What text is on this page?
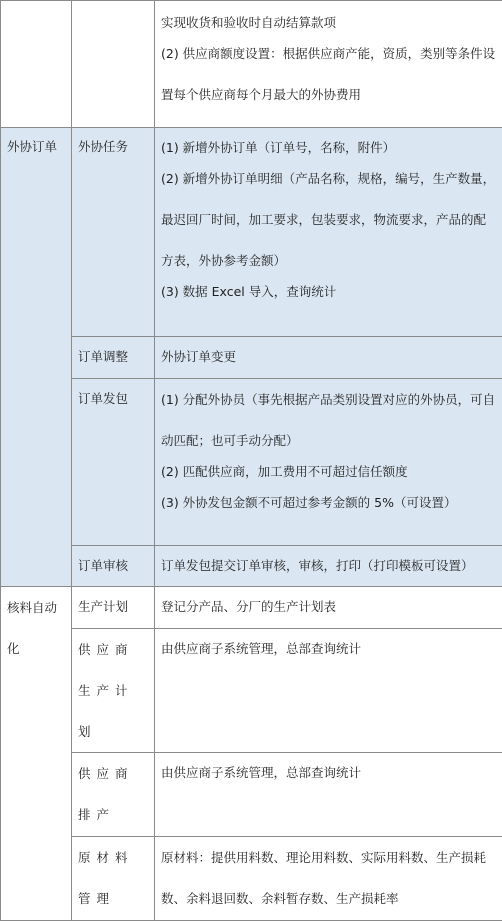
		实现收货和验收时自动结算款项
(2) 供应商额度设置：根据供应商产能，资质，类别等条件设置每个供应商每个月最大的外协费用

外协订单	外协任务	(1) 新增外协订单（订单号，名称，附件）
(2) 新增外协订单明细（产品名称，规格，编号，生产数量，最迟回厂时间，加工要求，包装要求，物流要求，产品的配方表，外协参考金额）
(3) 数据 Excel 导入，查询统计

	订单调整	外协订单变更
	订单发包	(1) 分配外协员（事先根据产品类别设置对应的外协员，可自动匹配；也可手动分配）
(2) 匹配供应商，加工费用不可超过信任额度
(3) 外协发包金额不可超过参考金额的 5%（可设置）

	订单审核	订单发包提交订单审核，审核，打印（打印模板可设置）

核料自动化	生产计划	登记分产品、分厂的生产计划表

	供应商生产计划	由供应商子系统管理，总部查询统计

	供应商排产	由供应商子系统管理，总部查询统计

	原材料管理	原材料：提供用料数、理论用料数、实际用料数、生产损耗数、余料退回数、余料暂存数、生产损耗率
